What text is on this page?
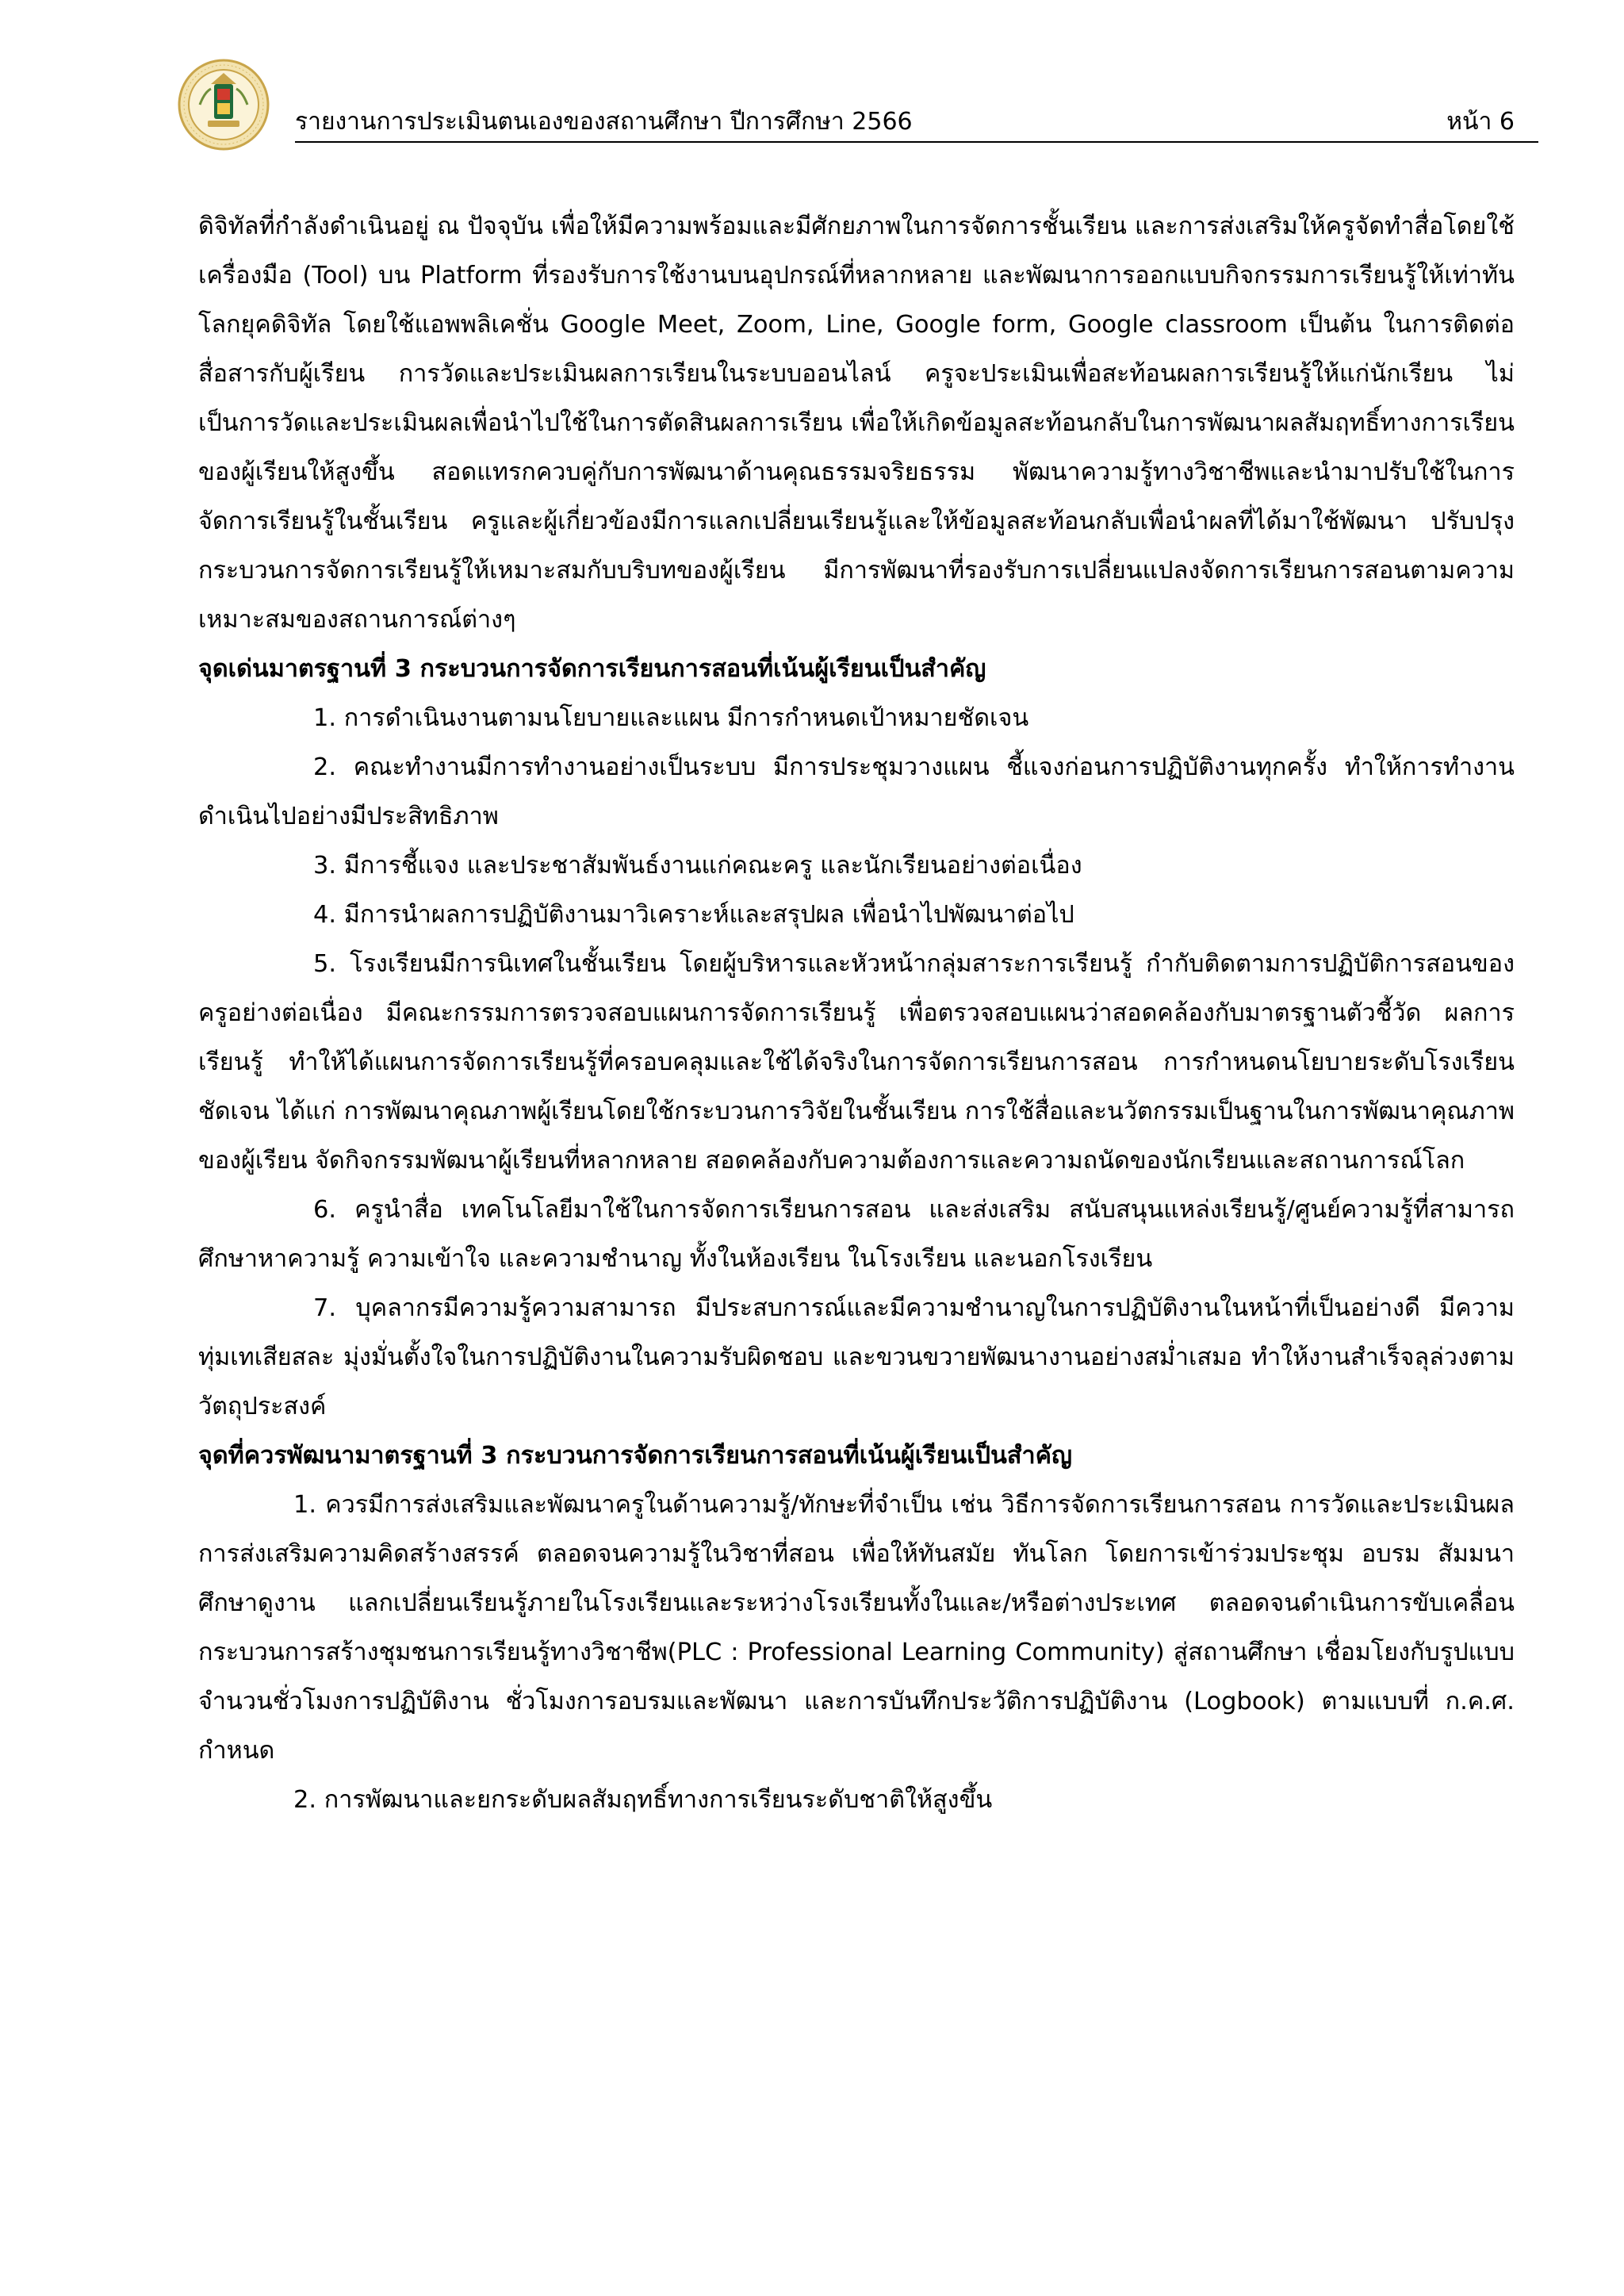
รายงานการประเมินตนเองของสถานศึกษา ปีการศึกษา 2566	หน้า 6

ดิจิทัลที่กำลังดำเนินอยู่ ณ ปัจจุบัน เพื่อให้มีความพร้อมและมีศักยภาพในการจัดการชั้นเรียน และการส่งเสริมให้ครูจัดทำสื่อโดยใช้เครื่องมือ (Tool) บน Platform ที่รองรับการใช้งานบนอุปกรณ์ที่หลากหลาย และพัฒนาการออกแบบกิจกรรมการเรียนรู้ให้เท่าทันโลกยุคดิจิทัล โดยใช้แอพพลิเคชั่น Google Meet, Zoom, Line, Google form, Google classroom เป็นต้น ในการติดต่อสื่อสารกับผู้เรียน การวัดและประเมินผลการเรียนในระบบออนไลน์ ครูจะประเมินเพื่อสะท้อนผลการเรียนรู้ให้แก่นักเรียน ไม่เป็นการวัดและประเมินผลเพื่อนำไปใช้ในการตัดสินผลการเรียน เพื่อให้เกิดข้อมูลสะท้อนกลับในการพัฒนาผลสัมฤทธิ์ทางการเรียนของผู้เรียนให้สูงขึ้น สอดแทรกควบคู่กับการพัฒนาด้านคุณธรรมจริยธรรม พัฒนาความรู้ทางวิชาชีพและนำมาปรับใช้ในการจัดการเรียนรู้ในชั้นเรียน ครูและผู้เกี่ยวข้องมีการแลกเปลี่ยนเรียนรู้และให้ข้อมูลสะท้อนกลับเพื่อนำผลที่ได้มาใช้พัฒนา ปรับปรุงกระบวนการจัดการเรียนรู้ให้เหมาะสมกับบริบทของผู้เรียน มีการพัฒนาที่รองรับการเปลี่ยนแปลงจัดการเรียนการสอนตามความเหมาะสมของสถานการณ์ต่างๆ

จุดเด่นมาตรฐานที่ 3 กระบวนการจัดการเรียนการสอนที่เน้นผู้เรียนเป็นสำคัญ

1. การดำเนินงานตามนโยบายและแผน มีการกำหนดเป้าหมายชัดเจน

2. คณะทำงานมีการทำงานอย่างเป็นระบบ มีการประชุมวางแผน ชี้แจงก่อนการปฏิบัติงานทุกครั้ง ทำให้การทำงานดำเนินไปอย่างมีประสิทธิภาพ

3. มีการชี้แจง และประชาสัมพันธ์งานแก่คณะครู และนักเรียนอย่างต่อเนื่อง

4. มีการนำผลการปฏิบัติงานมาวิเคราะห์และสรุปผล เพื่อนำไปพัฒนาต่อไป

5. โรงเรียนมีการนิเทศในชั้นเรียน โดยผู้บริหารและหัวหน้ากลุ่มสาระการเรียนรู้ กำกับติดตามการปฏิบัติการสอนของครูอย่างต่อเนื่อง มีคณะกรรมการตรวจสอบแผนการจัดการเรียนรู้ เพื่อตรวจสอบแผนว่าสอดคล้องกับมาตรฐานตัวชี้วัด ผลการเรียนรู้ ทำให้ได้แผนการจัดการเรียนรู้ที่ครอบคลุมและใช้ได้จริงในการจัดการเรียนการสอน การกำหนดนโยบายระดับโรงเรียนชัดเจน ได้แก่ การพัฒนาคุณภาพผู้เรียนโดยใช้กระบวนการวิจัยในชั้นเรียน การใช้สื่อและนวัตกรรมเป็นฐานในการพัฒนาคุณภาพของผู้เรียน จัดกิจกรรมพัฒนาผู้เรียนที่หลากหลาย สอดคล้องกับความต้องการและความถนัดของนักเรียนและสถานการณ์โลก

6. ครูนำสื่อ เทคโนโลยีมาใช้ในการจัดการเรียนการสอน และส่งเสริม สนับสนุนแหล่งเรียนรู้/ศูนย์ความรู้ที่สามารถศึกษาหาความรู้ ความเข้าใจ และความชำนาญ ทั้งในห้องเรียน ในโรงเรียน และนอกโรงเรียน

7. บุคลากรมีความรู้ความสามารถ มีประสบการณ์และมีความชำนาญในการปฏิบัติงานในหน้าที่เป็นอย่างดี มีความทุ่มเทเสียสละ มุ่งมั่นตั้งใจในการปฏิบัติงานในความรับผิดชอบ และขวนขวายพัฒนางานอย่างสม่ำเสมอ ทำให้งานสำเร็จลุล่วงตามวัตถุประสงค์

จุดที่ควรพัฒนามาตรฐานที่ 3 กระบวนการจัดการเรียนการสอนที่เน้นผู้เรียนเป็นสำคัญ

1. ควรมีการส่งเสริมและพัฒนาครูในด้านความรู้/ทักษะที่จำเป็น เช่น วิธีการจัดการเรียนการสอน การวัดและประเมินผล การส่งเสริมความคิดสร้างสรรค์ ตลอดจนความรู้ในวิชาที่สอน เพื่อให้ทันสมัย ทันโลก โดยการเข้าร่วมประชุม อบรม สัมมนา ศึกษาดูงาน แลกเปลี่ยนเรียนรู้ภายในโรงเรียนและระหว่างโรงเรียนทั้งในและ/หรือต่างประเทศ ตลอดจนดำเนินการขับเคลื่อนกระบวนการสร้างชุมชนการเรียนรู้ทางวิชาชีพ(PLC : Professional Learning Community) สู่สถานศึกษา เชื่อมโยงกับรูปแบบ จำนวนชั่วโมงการปฏิบัติงาน ชั่วโมงการอบรมและพัฒนา และการบันทึกประวัติการปฏิบัติงาน (Logbook) ตามแบบที่ ก.ค.ศ. กำหนด

2. การพัฒนาและยกระดับผลสัมฤทธิ์ทางการเรียนระดับชาติให้สูงขึ้น
